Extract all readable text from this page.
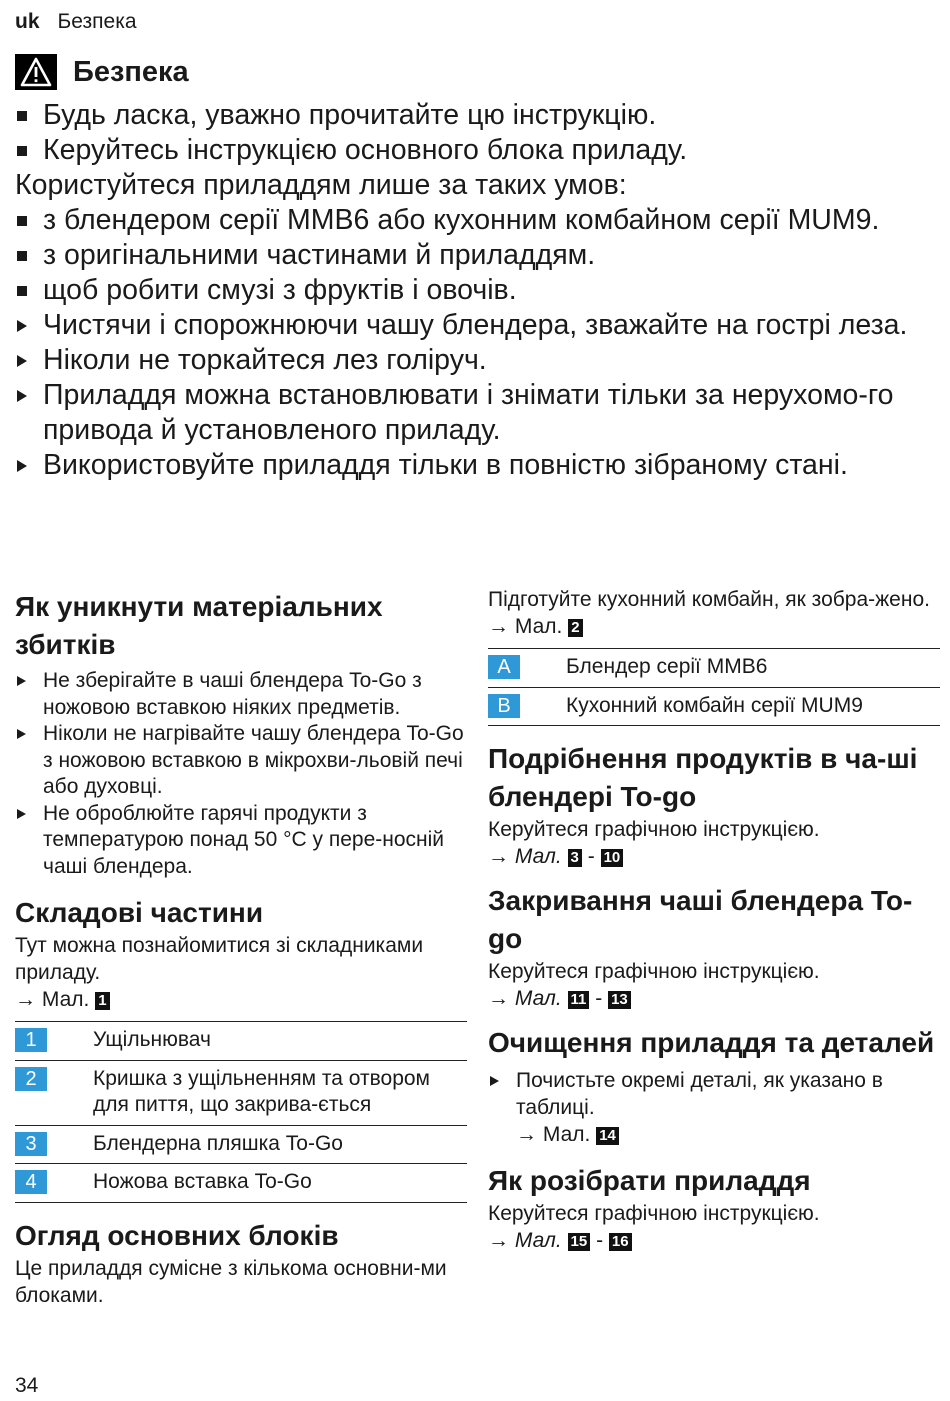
uk Безпека
Безпека
Будь ласка, уважно прочитайте цю інструкцію.
Керуйтесь інструкцією основного блока приладу.
Користуйтеся приладдям лише за таких умов:
з блендером серії MMB6 або кухонним комбайном серії MUM9.
з оригінальними частинами й приладдям.
щоб робити смузі з фруктів і овочів.
Чистячи і спорожнюючи чашу блендера, зважайте на гострі леза.
Ніколи не торкайтеся лез голіруч.
Приладдя можна встановлювати і знімати тільки за нерухомо-го привода й установленого приладу.
Використовуйте приладдя тільки в повністю зібраному стані.
Як уникнути матеріальних збитків
Не зберігайте в чаші блендера To-Go з ножовою вставкою ніяких предметів.
Ніколи не нагрівайте чашу блендера To-Go з ножовою вставкою в мікрохви-льовій печі або духовці.
Не оброблюйте гарячі продукти з температурою понад 50 °C у пере-носній чаші блендера.
Складові частини
Тут можна познайомитися зі складниками приладу.
→ Мал. 1
1	Ущільнювач
2	Кришка з ущільненням та отвором для пиття, що закрива-ється
3	Блендерна пляшка To-Go
4	Ножова вставка To-Go
Огляд основних блоків
Це приладдя сумісне з кількома основни-ми блоками.
Підготуйте кухонний комбайн, як зобра-жено.
→ Мал. 2
A	Блендер серії MMB6
B	Кухонний комбайн серії MUM9
Подрібнення продуктів в ча-ші блендері To-go
Керуйтеся графічною інструкцією.
→ Мал. 3 - 10
Закривання чаші блендера To-go
Керуйтеся графічною інструкцією.
→ Мал. 11 - 13
Очищення приладдя та деталей
Почистьте окремі деталі, як указано в таблиці.
→ Мал. 14
Як розібрати приладдя
Керуйтеся графічною інструкцією.
→ Мал. 15 - 16
34
